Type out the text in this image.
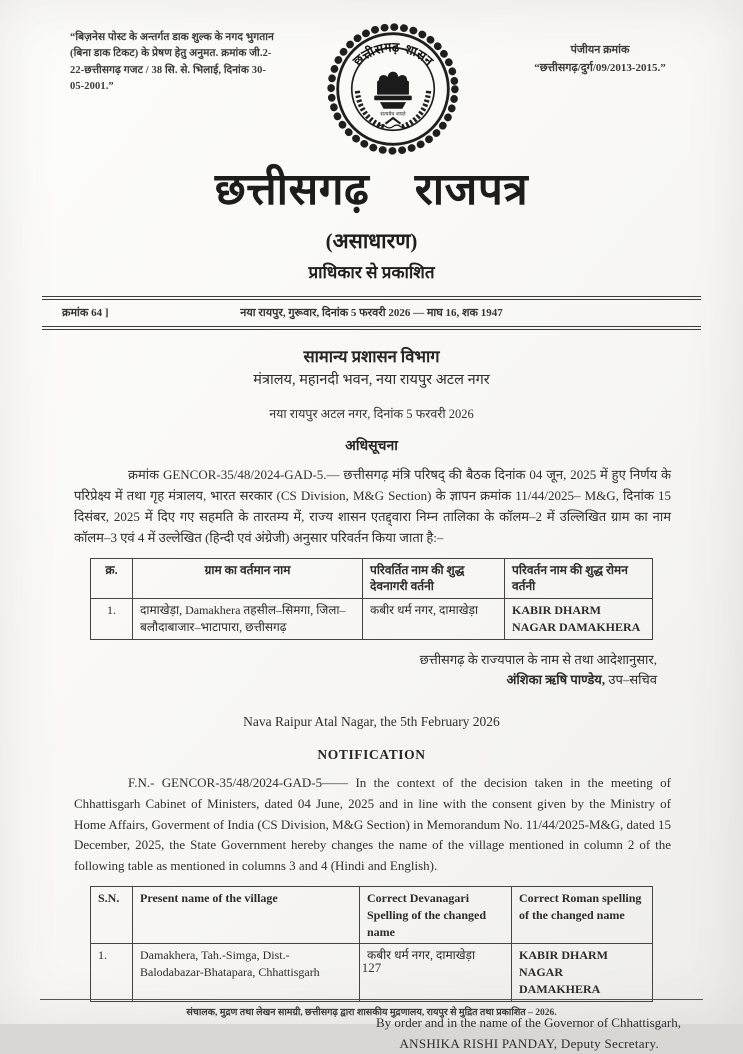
“बिज़नेस पोस्ट के अन्तर्गत डाक शुल्क के नगद भुगतान (बिना डाक टिकट) के प्रेषण हेतु अनुमत. क्रमांक जी.2-22-छत्तीसगढ़ गजट / 38 सि. से. भिलाई, दिनांक 30-05-2001.”
छत्तीसगढ़ शासन
सत्यमेव जयते
पंजीयन क्रमांक
“छत्तीसगढ़/दुर्ग/09/2013-2015.”
छत्तीसगढ़ राजपत्र
(असाधारण)
प्राधिकार से प्रकाशित
क्रमांक 64 ]	नया रायपुर, गुरूवार, दिनांक 5 फरवरी 2026 — माघ 16, शक 1947
सामान्य प्रशासन विभाग
मंत्रालय, महानदी भवन, नया रायपुर अटल नगर
नया रायपुर अटल नगर, दिनांक 5 फरवरी 2026
अधिसूचना

क्रमांक GENCOR-35/48/2024-GAD-5.— छत्तीसगढ़ मंत्रि परिषद् की बैठक दिनांक 04 जून, 2025 में हुए निर्णय के परिप्रेक्ष्य में तथा गृह मंत्रालय, भारत सरकार (CS Division, M&G Section) के ज्ञापन क्रमांक 11/44/2025– M&G, दिनांक 15 दिसंबर, 2025 में दिए गए सहमति के तारतम्य में, राज्य शासन एतद्द्वारा निम्न तालिका के कॉलम–2 में उल्लिखित ग्राम का नाम कॉलम–3 एवं 4 में उल्लेखित (हिन्दी एवं अंग्रेजी) अनुसार परिवर्तन किया जाता है:–

क्र.	ग्राम का वर्तमान नाम	परिवर्तित नाम की शुद्ध देवनागरी वर्तनी	परिवर्तन नाम की शुद्ध रोमन वर्तनी
1.	दामाखेड़ा, Damakhera तहसील–सिमगा, जिला–बलौदाबाजार–भाटापारा, छत्तीसगढ़	कबीर धर्म नगर, दामाखेड़ा	KABIR DHARM NAGAR DAMAKHERA
छत्तीसगढ़ के राज्यपाल के नाम से तथा आदेशानुसार,
अंशिका ऋषि पाण्डेय, उप–सचिव
Nava Raipur Atal Nagar, the 5th February 2026
NOTIFICATION

F.N.- GENCOR-35/48/2024-GAD-5—— In the context of the decision taken in the meeting of Chhattisgarh Cabinet of Ministers, dated 04 June, 2025 and in line with the consent given by the Ministry of Home Affairs, Goverment of India (CS Division, M&G Section) in Memorandum No. 11/44/2025-M&G, dated 15 December, 2025, the State Government hereby changes the name of the village mentioned in column 2 of the following table as mentioned in columns 3 and 4 (Hindi and English).

S.N.	Present name of the village	Correct Devanagari Spelling of the changed name	Correct Roman spelling of the changed name
1.	Damakhera, Tah.-Simga, Dist.-Balodabazar-Bhatapara, Chhattisgarh	कबीर धर्म नगर, दामाखेड़ा	KABIR DHARM NAGAR DAMAKHERA
By order and in the name of the Governor of Chhattisgarh,
ANSHIKA RISHI PANDAY, Deputy Secretary.
127
संचालक, मुद्रण तथा लेखन सामग्री, छत्तीसगढ़ द्वारा शासकीय मुद्रणालय, रायपुर से मुद्रित तथा प्रकाशित – 2026.
